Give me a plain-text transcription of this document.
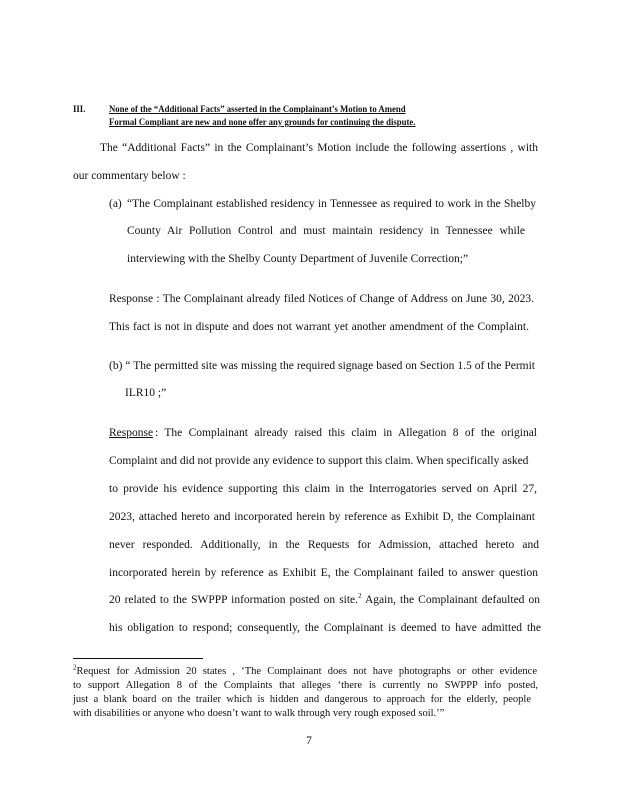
III. None of the “Additional Facts” asserted in the Complainant’s Motion to Amend
Formal Compliant are new and none offer any grounds for continuing the dispute.
The “Additional Facts” in the Complainant’s Motion include the following assertions , with
our commentary below :
(a) “The Complainant established residency in Tennessee as required to work in the Shelby
County Air Pollution Control and must maintain residency in Tennessee while
interviewing with the Shelby County Department of Juvenile Correction;”
Response : The Complainant already filed Notices of Change of Address on June 30, 2023.
This fact is not in dispute and does not warrant yet another amendment of the Complaint.
(b) “ The permitted site was missing the required signage based on Section 1.5 of the Permit
ILR10 ;”
Response : The Complainant already raised this claim in Allegation 8 of the original
Complaint and did not provide any evidence to support this claim. When specifically asked
to provide his evidence supporting this claim in the Interrogatories served on April 27,
2023, attached hereto and incorporated herein by reference as Exhibit D, the Complainant
never responded. Additionally, in the Requests for Admission, attached hereto and
incorporated herein by reference as Exhibit E, the Complainant failed to answer question
20 related to the SWPPP information posted on site.$^2$ Again, the Complainant defaulted on
his obligation to respond; consequently, the Complainant is deemed to have admitted the
$^2$Request for Admission 20 states , ‘The Complainant does not have photographs or other evidence
to support Allegation 8 of the Complaints that alleges ‘there is currently no SWPPP info posted,
just a blank board on the trailer which is hidden and dangerous to approach for the elderly, people
with disabilities or anyone who doesn’t want to walk through very rough exposed soil.’”
7
